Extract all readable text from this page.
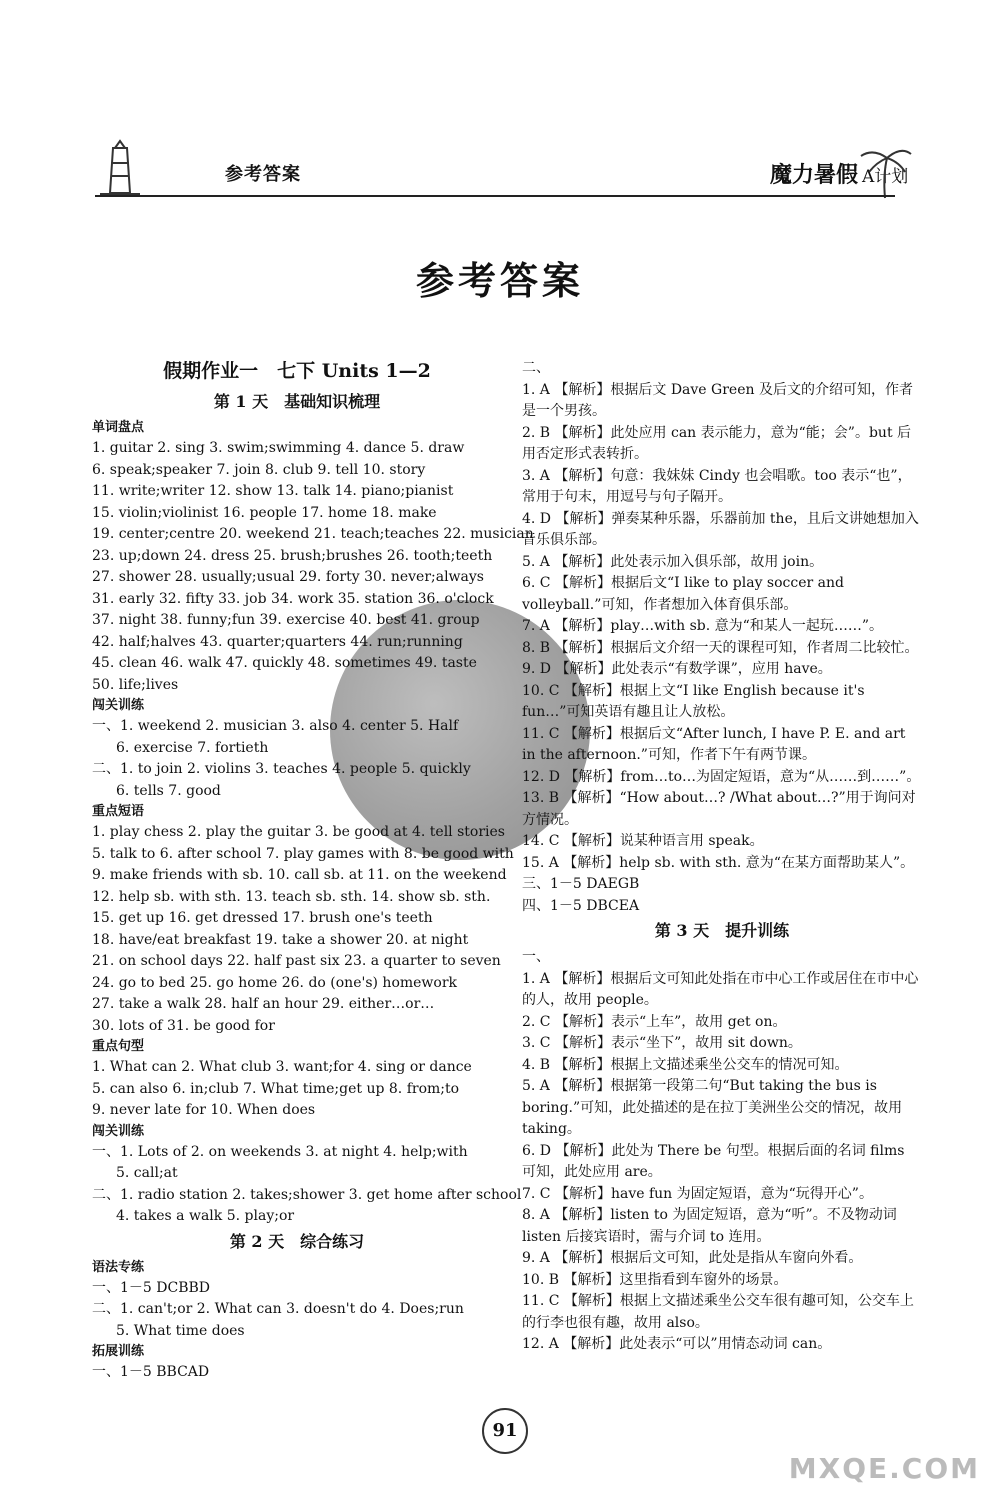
参考答案	魔力暑假 A计划
参考答案
假期作业一　七下 Units 1—2
第 1 天　基础知识梳理
单词盘点
1. guitar 2. sing 3. swim;swimming 4. dance 5. draw
6. speak;speaker 7. join 8. club 9. tell 10. story
11. write;writer 12. show 13. talk 14. piano;pianist
15. violin;violinist 16. people 17. home 18. make
19. center;centre 20. weekend 21. teach;teaches 22. musician
23. up;down 24. dress 25. brush;brushes 26. tooth;teeth
27. shower 28. usually;usual 29. forty 30. never;always
31. early 32. fifty 33. job 34. work 35. station 36. o'clock
37. night 38. funny;fun 39. exercise 40. best 41. group
42. half;halves 43. quarter;quarters 44. run;running
45. clean 46. walk 47. quickly 48. sometimes 49. taste
50. life;lives
闯关训练
一、1. weekend 2. musician 3. also 4. center 5. Half
6. exercise 7. fortieth
二、1. to join 2. violins 3. teaches 4. people 5. quickly
6. tells 7. good
重点短语
1. play chess 2. play the guitar 3. be good at 4. tell stories
5. talk to 6. after school 7. play games with 8. be good with
9. make friends with sb. 10. call sb. at 11. on the weekend
12. help sb. with sth. 13. teach sb. sth. 14. show sb. sth.
15. get up 16. get dressed 17. brush one's teeth
18. have/eat breakfast 19. take a shower 20. at night
21. on school days 22. half past six 23. a quarter to seven
24. go to bed 25. go home 26. do (one's) homework
27. take a walk 28. half an hour 29. either…or…
30. lots of 31. be good for
重点句型
1. What can 2. What club 3. want;for 4. sing or dance
5. can also 6. in;club 7. What time;get up 8. from;to
9. never late for 10. When does
闯关训练
一、1. Lots of 2. on weekends 3. at night 4. help;with
5. call;at
二、1. radio station 2. takes;shower 3. get home after school
4. takes a walk 5. play;or
第 2 天　综合练习
语法专练
一、1－5 DCBBD
二、1. can't;or 2. What can 3. doesn't do 4. Does;run
5. What time does
拓展训练
一、1－5 BBCAD
二、
1. A 【解析】根据后文 Dave Green 及后文的介绍可知，作者是一个男孩。
2. B 【解析】此处应用 can 表示能力，意为“能；会”。but 后用否定形式表转折。
3. A 【解析】句意：我妹妹 Cindy 也会唱歌。too 表示“也”，常用于句末，用逗号与句子隔开。
4. D 【解析】弹奏某种乐器，乐器前加 the，且后文讲她想加入音乐俱乐部。
5. A 【解析】此处表示加入俱乐部，故用 join。
6. C 【解析】根据后文“I like to play soccer and volleyball.”可知，作者想加入体育俱乐部。
7. A 【解析】play…with sb. 意为“和某人一起玩……”。
8. B 【解析】根据后文介绍一天的课程可知，作者周二比较忙。
9. D 【解析】此处表示“有数学课”，应用 have。
10. C 【解析】根据上文“I like English because it's fun…”可知英语有趣且让人放松。
11. C 【解析】根据后文“After lunch, I have P. E. and art in the afternoon.”可知，作者下午有两节课。
12. D 【解析】from…to…为固定短语，意为“从……到……”。
13. B 【解析】“How about…? /What about…?”用于询问对方情况。
14. C 【解析】说某种语言用 speak。
15. A 【解析】help sb. with sth. 意为“在某方面帮助某人”。
三、1－5 DAEGB
四、1－5 DBCEA
第 3 天　提升训练
一、
1. A 【解析】根据后文可知此处指在市中心工作或居住在市中心的人，故用 people。
2. C 【解析】表示“上车”，故用 get on。
3. C 【解析】表示“坐下”，故用 sit down。
4. B 【解析】根据上文描述乘坐公交车的情况可知。
5. A 【解析】根据第一段第二句“But taking the bus is boring.”可知，此处描述的是在拉丁美洲坐公交的情况，故用 taking。
6. D 【解析】此处为 There be 句型。根据后面的名词 films 可知，此处应用 are。
7. C 【解析】have fun 为固定短语，意为“玩得开心”。
8. A 【解析】listen to 为固定短语，意为“听”。不及物动词 listen 后接宾语时，需与介词 to 连用。
9. A 【解析】根据后文可知，此处是指从车窗向外看。
10. B 【解析】这里指看到车窗外的场景。
11. C 【解析】根据上文描述乘坐公交车很有趣可知，公交车上的行李也很有趣，故用 also。
12. A 【解析】此处表示“可以”用情态动词 can。
91
MXQE.COM
